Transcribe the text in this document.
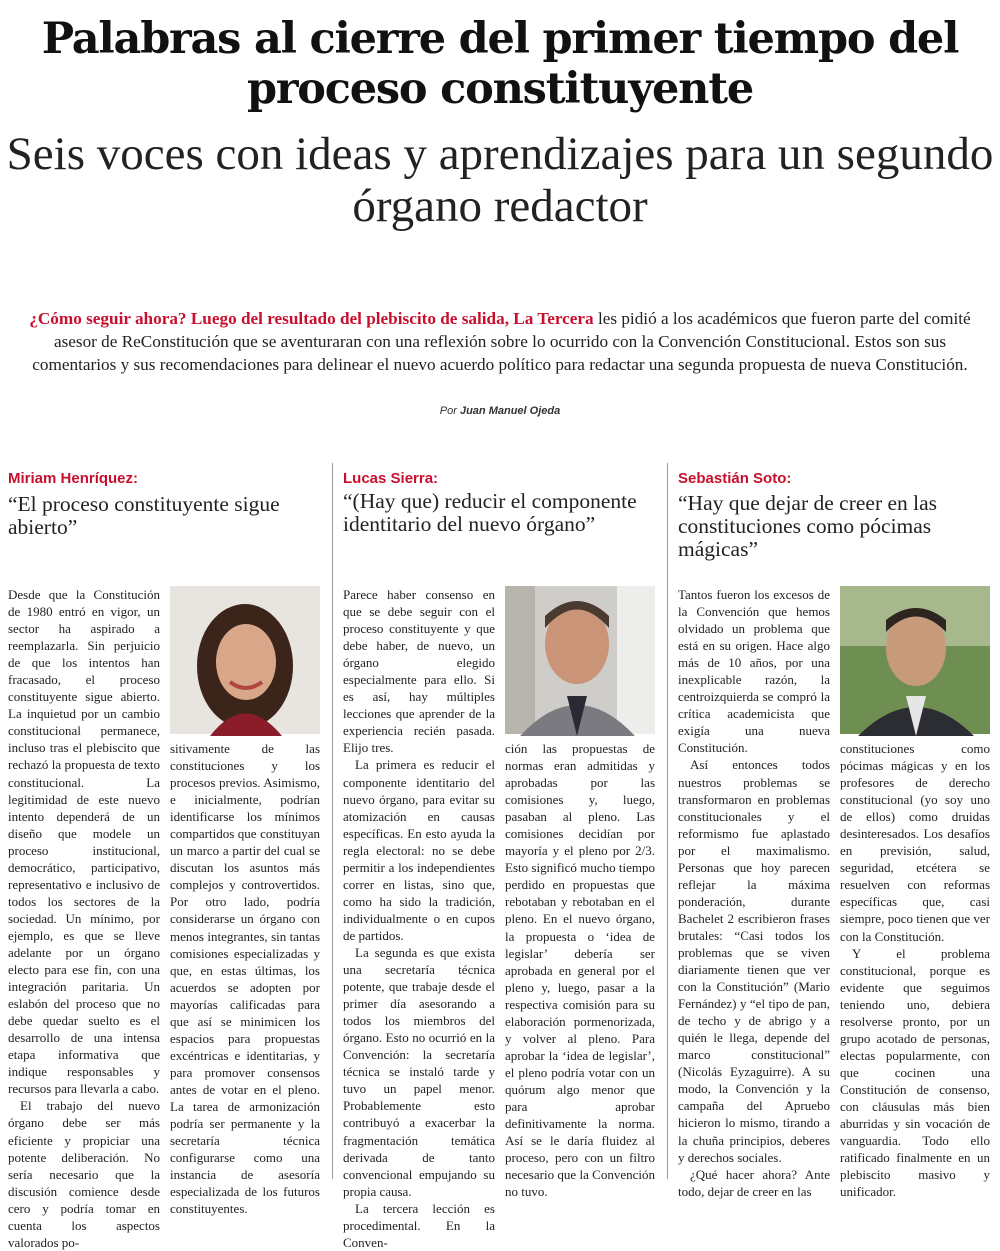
Palabras al cierre del primer tiempo del proceso constituyente
Seis voces con ideas y aprendizajes para un segundo órgano redactor
¿Cómo seguir ahora? Luego del resultado del plebiscito de salida, La Tercera les pidió a los académicos que fueron parte del comité asesor de ReConstitución que se aventuraran con una reflexión sobre lo ocurrido con la Convención Constitucional. Estos son sus comentarios y sus recomendaciones para delinear el nuevo acuerdo político para redactar una segunda propuesta de nueva Constitución.
Por Juan Manuel Ojeda
Miriam Henríquez:
“El proceso constituyente sigue abierto”

Desde que la Constitución de 1980 entró en vigor, un sector ha aspirado a reemplazarla. Sin perjuicio de que los intentos han fracasado, el proceso constituyente sigue abierto. La inquietud por un cambio constitucional permanece, incluso tras el plebiscito que rechazó la propuesta de texto constitucional. La legitimidad de este nuevo intento dependerá de un diseño que modele un proceso institucional, democrático, participativo, representativo e inclusivo de todos los sectores de la sociedad. Un mínimo, por ejemplo, es que se lleve adelante por un órgano electo para ese fin, con una integración paritaria. Un eslabón del proceso que no debe quedar suelto es el desarrollo de una intensa etapa informativa que indique responsables y recursos para llevarla a cabo.

El trabajo del nuevo órgano debe ser más eficiente y propiciar una potente deliberación. No sería necesario que la discusión comience desde cero y podría tomar en cuenta los aspectos valorados po-

sitivamente de las constituciones y los procesos previos. Asimismo, e inicialmente, podrían identificarse los mínimos compartidos que constituyan un marco a partir del cual se discutan los asuntos más complejos y controvertidos. Por otro lado, podría considerarse un órgano con menos integrantes, sin tantas comisiones especializadas y que, en estas últimas, los acuerdos se adopten por mayorías calificadas para que así se minimicen los espacios para propuestas excéntricas e identitarias, y para promover consensos antes de votar en el pleno. La tarea de armonización podría ser permanente y la secretaría técnica configurarse como una instancia de asesoría especializada de los futuros constituyentes.

Lucas Sierra:
“(Hay que) reducir el componente identitario del nuevo órgano”

Parece haber consenso en que se debe seguir con el proceso constituyente y que debe haber, de nuevo, un órgano elegido especialmente para ello. Si es así, hay múltiples lecciones que aprender de la experiencia recién pasada. Elijo tres.

La primera es reducir el componente identitario del nuevo órgano, para evitar su atomización en causas específicas. En esto ayuda la regla electoral: no se debe permitir a los independientes correr en listas, sino que, como ha sido la tradición, individualmente o en cupos de partidos.

La segunda es que exista una secretaría técnica potente, que trabaje desde el primer día asesorando a todos los miembros del órgano. Esto no ocurrió en la Convención: la secretaría técnica se instaló tarde y tuvo un papel menor. Probablemente esto contribuyó a exacerbar la fragmentación temática derivada de tanto convencional empujando su propia causa.

La tercera lección es procedimental. En la Conven-

ción las propuestas de normas eran admitidas y aprobadas por las comisiones y, luego, pasaban al pleno. Las comisiones decidían por mayoría y el pleno por 2/3. Esto significó mucho tiempo perdido en propuestas que rebotaban y rebotaban en el pleno. En el nuevo órgano, la propuesta o ‘idea de legislar’ debería ser aprobada en general por el pleno y, luego, pasar a la respectiva comisión para su elaboración pormenorizada, y volver al pleno. Para aprobar la ‘idea de legislar’, el pleno podría votar con un quórum algo menor que para aprobar definitivamente la norma. Así se le daría fluidez al proceso, pero con un filtro necesario que la Convención no tuvo.

Sebastián Soto:
“Hay que dejar de creer en las constituciones como pócimas mágicas”

Tantos fueron los excesos de la Convención que hemos olvidado un problema que está en su origen. Hace algo más de 10 años, por una inexplicable razón, la centroizquierda se compró la crítica academicista que exigía una nueva Constitución.

Así entonces todos nuestros problemas se transformaron en problemas constitucionales y el reformismo fue aplastado por el maximalismo. Personas que hoy parecen reflejar la máxima ponderación, durante Bachelet 2 escribieron frases brutales: “Casi todos los problemas que se viven diariamente tienen que ver con la Constitución” (Mario Fernández) y “el tipo de pan, de techo y de abrigo y a quién le llega, depende del marco constitucional” (Nicolás Eyzaguirre). A su modo, la Convención y la campaña del Apruebo hicieron lo mismo, tirando a la chuña principios, deberes y derechos sociales.

¿Qué hacer ahora? Ante todo, dejar de creer en las

constituciones como pócimas mágicas y en los profesores de derecho constitucional (yo soy uno de ellos) como druidas desinteresados. Los desafíos en previsión, salud, seguridad, etcétera se resuelven con reformas específicas que, casi siempre, poco tienen que ver con la Constitución.

Y el problema constitucional, porque es evidente que seguimos teniendo uno, debiera resolverse pronto, por un grupo acotado de personas, electas popularmente, con que cocinen una Constitución de consenso, con cláusulas más bien aburridas y sin vocación de vanguardia. Todo ello ratificado finalmente en un plebiscito masivo y unificador.
